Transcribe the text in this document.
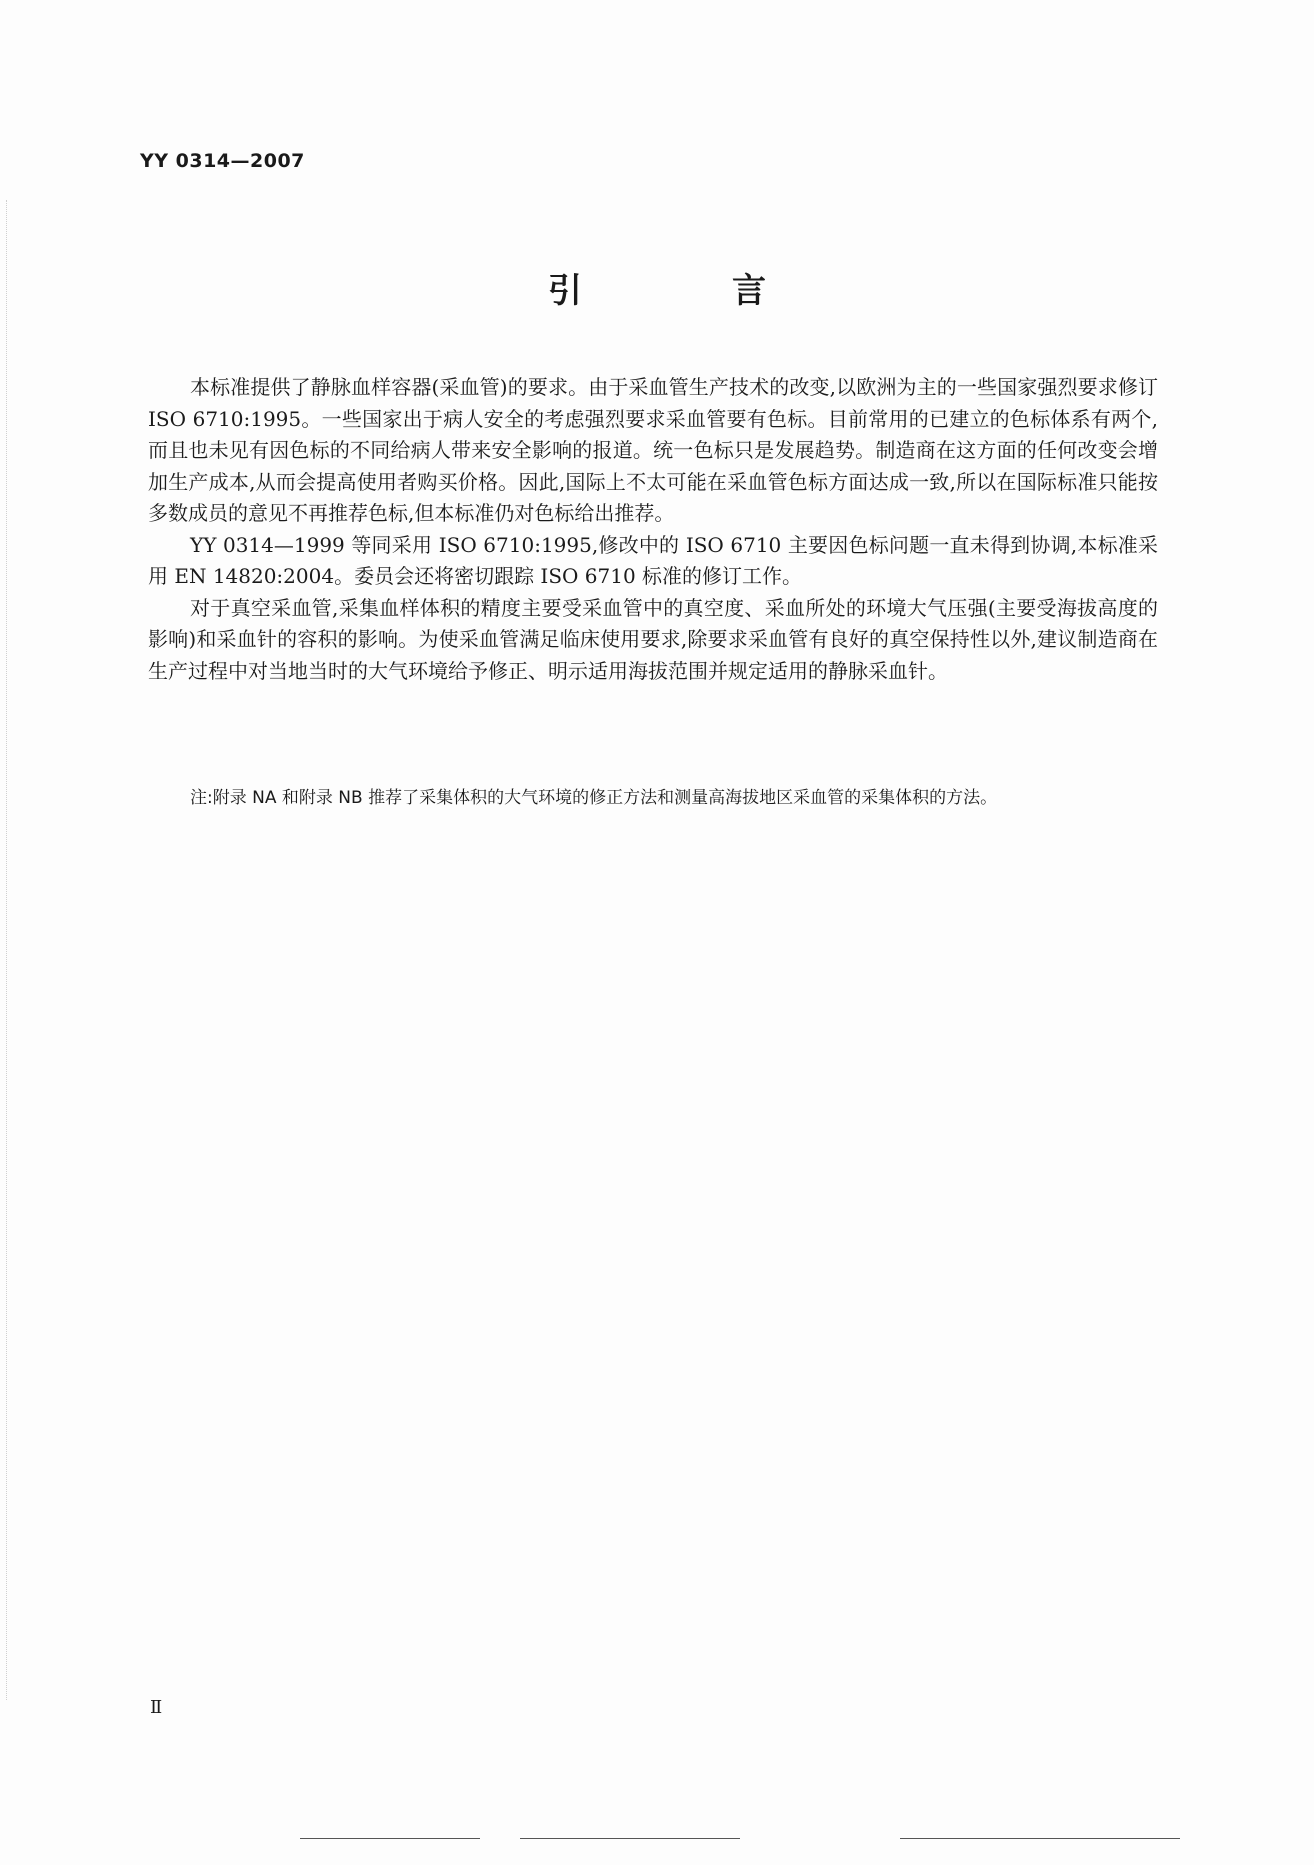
YY 0314—2007
引　言

本标准提供了静脉血样容器(采血管)的要求。由于采血管生产技术的改变,以欧洲为主的一些国家强烈要求修订 ISO 6710:1995。一些国家出于病人安全的考虑强烈要求采血管要有色标。目前常用的已建立的色标体系有两个,而且也未见有因色标的不同给病人带来安全影响的报道。统一色标只是发展趋势。制造商在这方面的任何改变会增加生产成本,从而会提高使用者购买价格。因此,国际上不太可能在采血管色标方面达成一致,所以在国际标准只能按多数成员的意见不再推荐色标,但本标准仍对色标给出推荐。

YY 0314—1999 等同采用 ISO 6710:1995,修改中的 ISO 6710 主要因色标问题一直未得到协调,本标准采用 EN 14820:2004。委员会还将密切跟踪 ISO 6710 标准的修订工作。

对于真空采血管,采集血样体积的精度主要受采血管中的真空度、采血所处的环境大气压强(主要受海拔高度的影响)和采血针的容积的影响。为使采血管满足临床使用要求,除要求采血管有良好的真空保持性以外,建议制造商在生产过程中对当地当时的大气环境给予修正、明示适用海拔范围并规定适用的静脉采血针。

注:附录 NA 和附录 NB 推荐了采集体积的大气环境的修正方法和测量高海拔地区采血管的采集体积的方法。
Ⅱ
